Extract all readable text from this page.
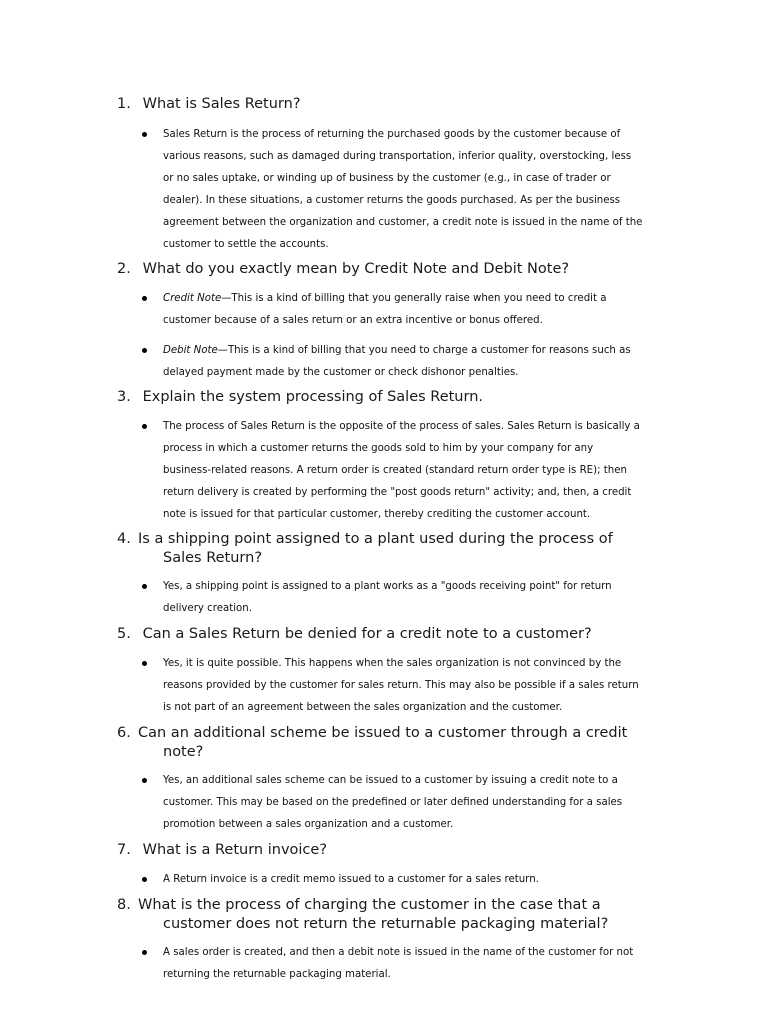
1. What is Sales Return?
Sales Return is the process of returning the purchased goods by the customer because of
various reasons, such as damaged during transportation, inferior quality, overstocking, less
or no sales uptake, or winding up of business by the customer (e.g., in case of trader or
dealer). In these situations, a customer returns the goods purchased. As per the business
agreement between the organization and customer, a credit note is issued in the name of the
customer to settle the accounts.
2. What do you exactly mean by Credit Note and Debit Note?
Credit Note—This is a kind of billing that you generally raise when you need to credit a
customer because of a sales return or an extra incentive or bonus offered.
Debit Note—This is a kind of billing that you need to charge a customer for reasons such as
delayed payment made by the customer or check dishonor penalties.
3. Explain the system processing of Sales Return.
The process of Sales Return is the opposite of the process of sales. Sales Return is basically a
process in which a customer returns the goods sold to him by your company for any
business-related reasons. A return order is created (standard return order type is RE); then
return delivery is created by performing the "post goods return" activity; and, then, a credit
note is issued for that particular customer, thereby crediting the customer account.
4. Is a shipping point assigned to a plant used during the process of
Sales Return?
Yes, a shipping point is assigned to a plant works as a "goods receiving point" for return
delivery creation.
5. Can a Sales Return be denied for a credit note to a customer?
Yes, it is quite possible. This happens when the sales organization is not convinced by the
reasons provided by the customer for sales return. This may also be possible if a sales return
is not part of an agreement between the sales organization and the customer.
6. Can an additional scheme be issued to a customer through a credit
note?
Yes, an additional sales scheme can be issued to a customer by issuing a credit note to a
customer. This may be based on the predefined or later defined understanding for a sales
promotion between a sales organization and a customer.
7. What is a Return invoice?
A Return invoice is a credit memo issued to a customer for a sales return.
8. What is the process of charging the customer in the case that a
customer does not return the returnable packaging material?
A sales order is created, and then a debit note is issued in the name of the customer for not
returning the returnable packaging material.
